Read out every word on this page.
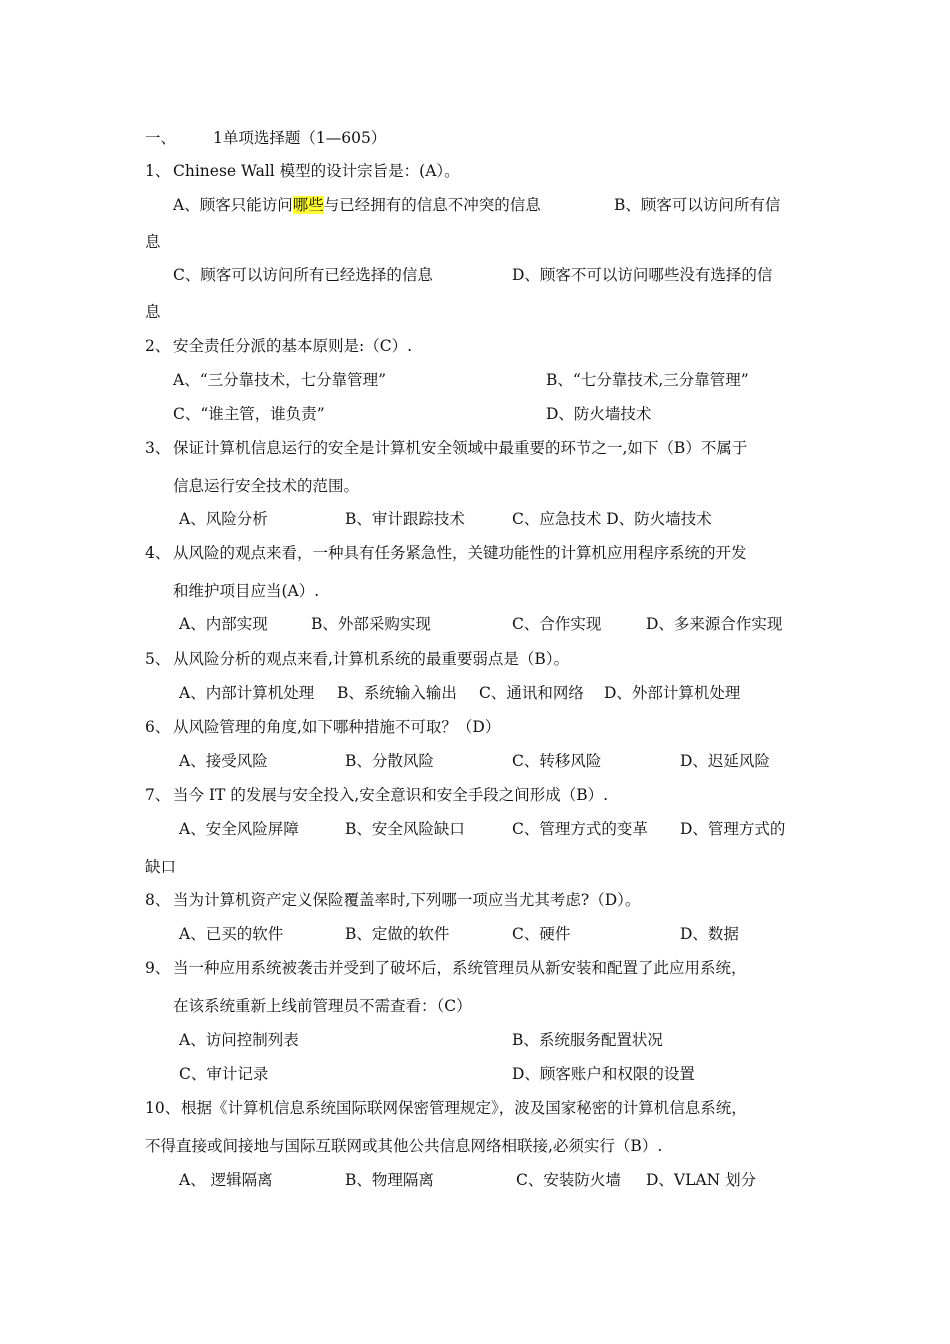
一、 1单项选择题（1—605）
1、 Chinese Wall 模型的设计宗旨是：(A）。
A、顾客只能访问哪些与已经拥有的信息不冲突的信息	B、顾客可以访问所有信
息
C、顾客可以访问所有已经选择的信息	D、顾客不可以访问哪些没有选择的信
息
2、 安全责任分派的基本原则是:（C）.
A、“三分靠技术，七分靠管理”	B、“七分靠技术,三分靠管理”
C、“谁主管，谁负责”	D、防火墙技术
3、 保证计算机信息运行的安全是计算机安全领域中最重要的环节之一,如下（B）不属于
信息运行安全技术的范围。
A、风险分析	B、审计跟踪技术	C、应急技术 D、防火墙技术
4、 从风险的观点来看，一种具有任务紧急性，关键功能性的计算机应用程序系统的开发
和维护项目应当(A）.
A、内部实现	B、外部采购实现	C、合作实现	D、多来源合作实现
5、 从风险分析的观点来看,计算机系统的最重要弱点是（B）。
A、内部计算机处理 B、系统输入输出 C、通讯和网络 D、外部计算机处理
6、 从风险管理的角度,如下哪种措施不可取？（D）
A、接受风险	B、分散风险	C、转移风险	D、迟延风险
7、 当今 IT 的发展与安全投入,安全意识和安全手段之间形成（B）.
A、安全风险屏障	B、安全风险缺口	C、管理方式的变革 D、管理方式的
缺口
8、 当为计算机资产定义保险覆盖率时,下列哪一项应当尤其考虑?（D）。
A、已买的软件	B、定做的软件	C、硬件	D、数据
9、 当一种应用系统被袭击并受到了破坏后，系统管理员从新安装和配置了此应用系统，
在该系统重新上线前管理员不需查看：（C）
A、访问控制列表	B、系统服务配置状况
C、审计记录	D、顾客账户和权限的设置
10、 根据《计算机信息系统国际联网保密管理规定》，波及国家秘密的计算机信息系统，
不得直接或间接地与国际互联网或其他公共信息网络相联接,必须实行（B）.
A、 逻辑隔离	B、物理隔离	C、安装防火墙 D、VLAN 划分
